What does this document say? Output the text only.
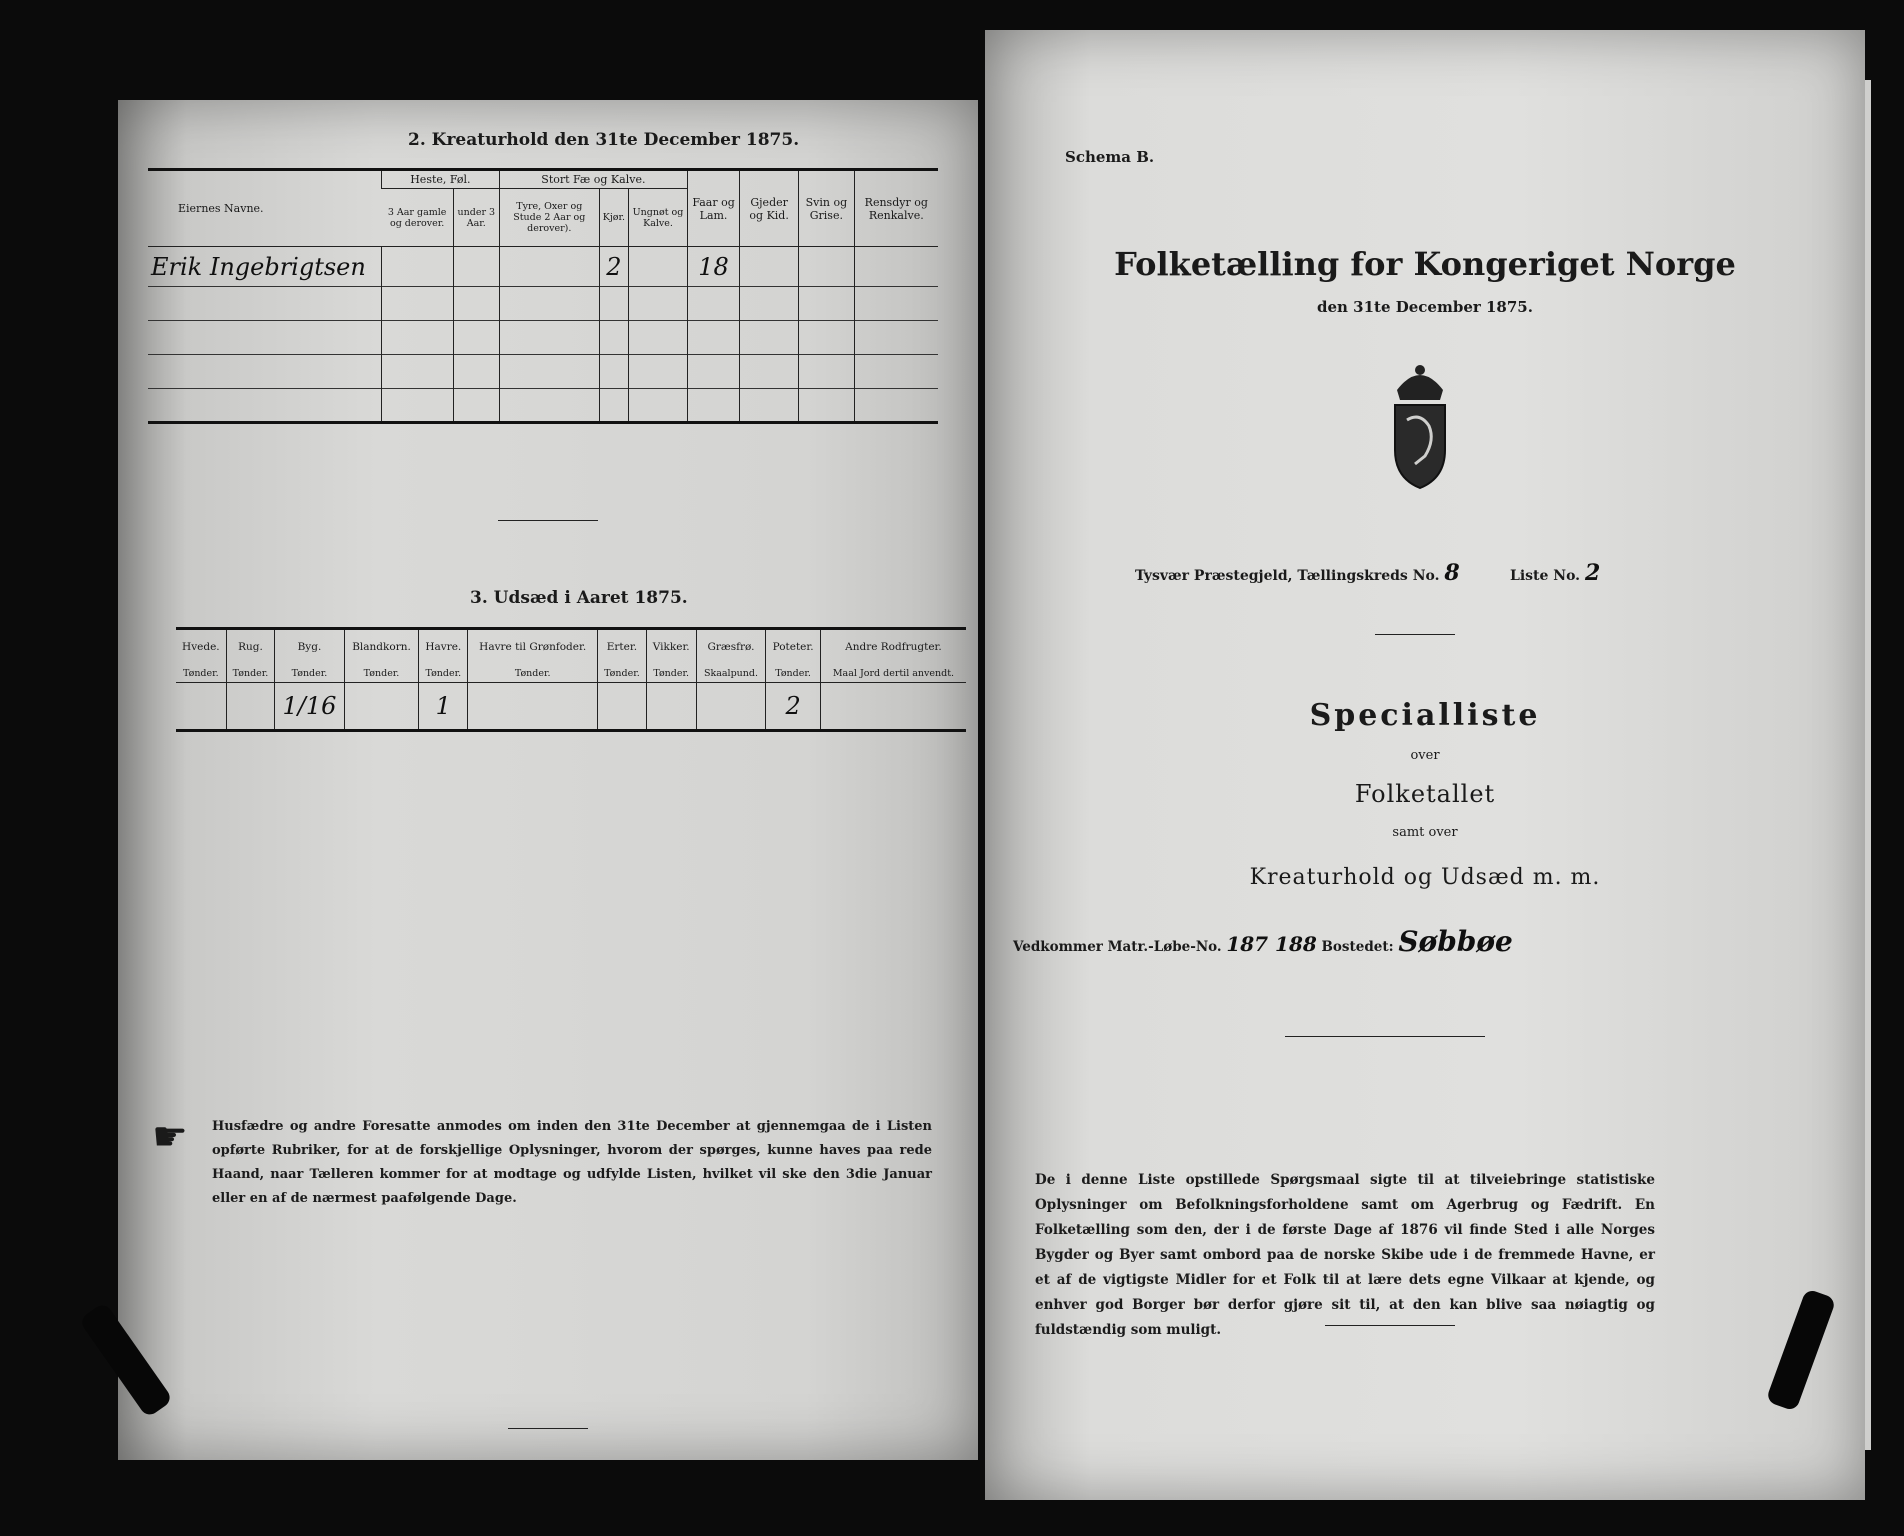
2. Kreaturhold den 31te December 1875.
Eiernes Navne.	Heste, Føl.		Stort Fæ og Kalve.			Faar og Lam.	Gjeder og Kid.	Svin og Grise.	Rensdyr og Renkalve.
	3 Aar gamle og derover.	under 3 Aar.	Tyre, Oxer og Stude 2 Aar og derover).	Kjør.	Ungnøt og Kalve.				
Erik Ingebrigtsen				2		18			

3. Udsæd i Aaret 1875.
Hvede.	Rug.	Byg.	Blandkorn.	Havre.	Havre til Grønfoder.	Erter.	Vikker.	Græsfrø.	Poteter.	Andre Rodfrugter.
Tønder.	Tønder.	Tønder.	Tønder.	Tønder.	Tønder.	Tønder.	Tønder.	Skaalpund.	Tønder.	Maal Jord dertil anvendt.
		1/16		1					2	
☛ Husfædre og andre Foresatte anmodes om inden den 31te December at gjennemgaa de i Listen opførte Rubriker, for at de forskjellige Oplysninger, hvorom der spørges, kunne haves paa rede Haand, naar Tælleren kommer for at modtage og udfylde Listen, hvilket vil ske den 3die Januar eller en af de nærmest paafølgende Dage.
Schema B.
Folketælling for Kongeriget Norge
den 31te December 1875.
Tysvær Præstegjeld, Tællingskreds No. 8	Liste No. 2
Specialliste
over
Folketallet
samt over
Kreaturhold og Udsæd m. m.
Vedkommer Matr.-Løbe-No. 187 188 Bostedet: Søbbøe
De i denne Liste opstillede Spørgsmaal sigte til at tilveiebringe statistiske Oplysninger om Befolkningsforholdene samt om Agerbrug og Fædrift. En Folketælling som den, der i de første Dage af 1876 vil finde Sted i alle Norges Bygder og Byer samt ombord paa de norske Skibe ude i de fremmede Havne, er et af de vigtigste Midler for et Folk til at lære dets egne Vilkaar at kjende, og enhver god Borger bør derfor gjøre sit til, at den kan blive saa nøiagtig og fuldstændig som muligt.
